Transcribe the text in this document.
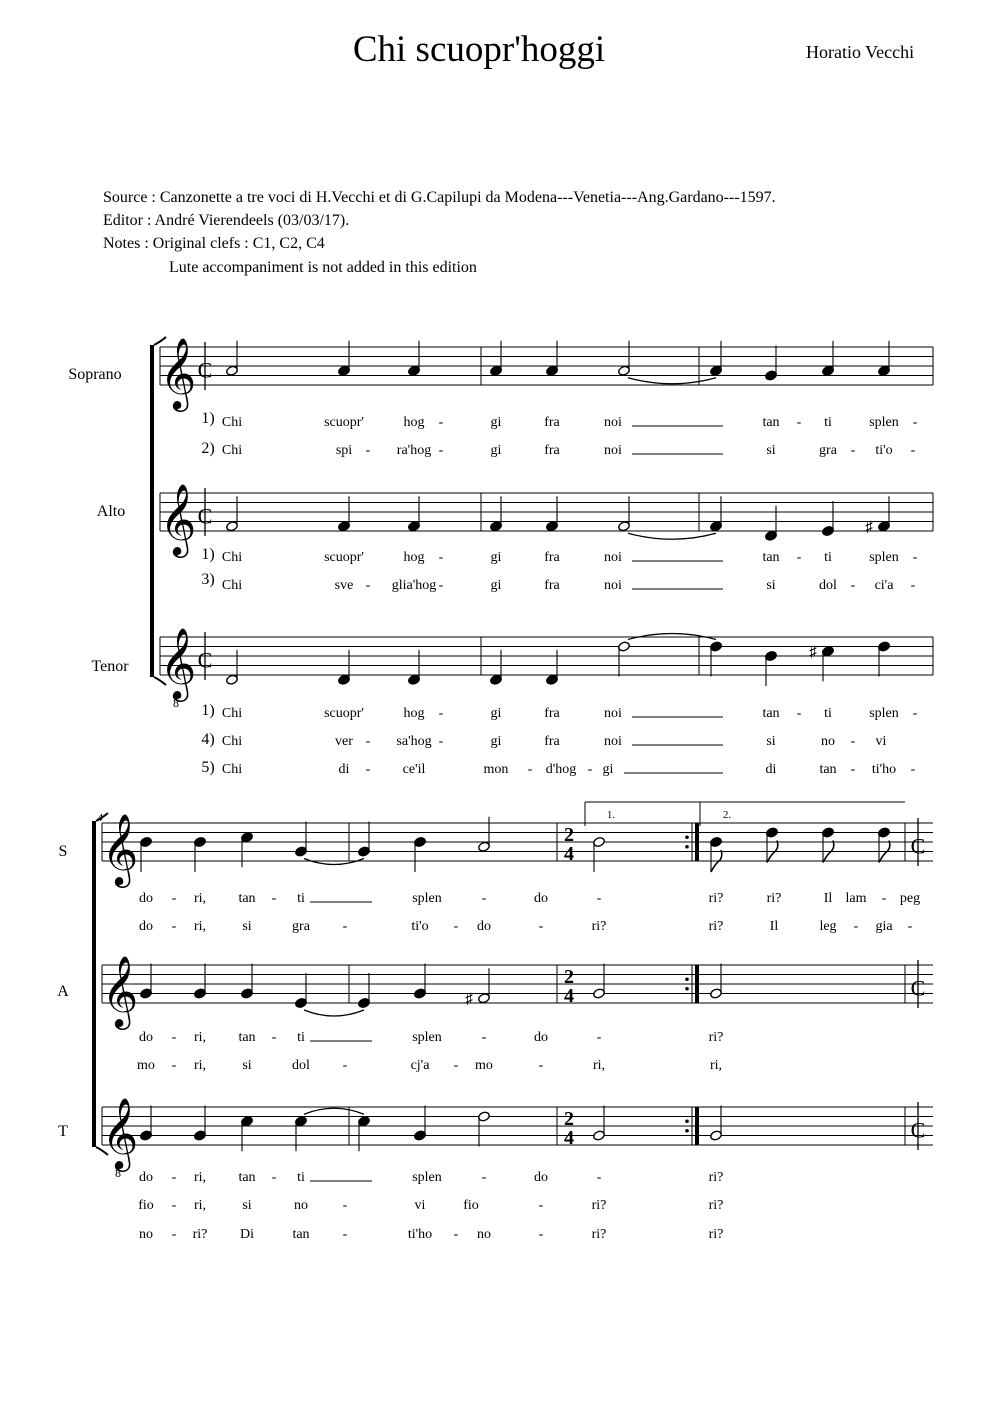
Chi scuopr'hoggi	Horatio Vecchi
Source : Canzonette a tre voci di H.Vecchi et di G.Capilupi da Modena---Venetia---Ang.Gardano---1597.
Editor : André Vierendeels (03/03/17).
Notes : Original clefs : C1, C2, C4
Lute accompaniment is not added in this edition
Soprano
Alto
Tenor
𝄞 C
𝄞 C
𝄞
8
C
♯
♯
1) Chi	scuopr'	hog -	gi	fra	noi	tan - ti	splen -
2) Chi	spi - ra'hog -	gi	fra	noi	si	gra - ti'o -
1) Chi	scuopr'	hog -	gi	fra	noi	tan - ti	splen -
3) Chi	sve - glia'hog -	gi	fra	noi	si	dol - ci'a -
1) Chi	scuopr'	hog -	gi	fra	noi	tan - ti	splen -
4) Chi	ver - sa'hog -	gi	fra	noi	si	no - vi
5) Chi	di - ce'il	mon - d'hog - gi	di	tan - ti'ho -
4
S
A
T
𝄞	2
4	C
𝄞	2
4	C
𝄞
8
2
4	C
1.	2.
♯
do - ri, tan - ti	splen	-	do	-	ri?	ri?	Il lam - peg
do - ri,	si	gra -	ti'o - do	-	ri?	ri?	Il	leg - gia -
do - ri, tan - ti	splen	-	do	-	ri?
mo - ri,	si	dol -	cj'a - mo	-	ri,	ri,
do - ri, tan - ti	splen	-	do	-	ri?
fio - ri,	si	no -	vi	fio	-	ri?	ri?
no - ri? Di	tan -	ti'ho - no	-	ri?	ri?
